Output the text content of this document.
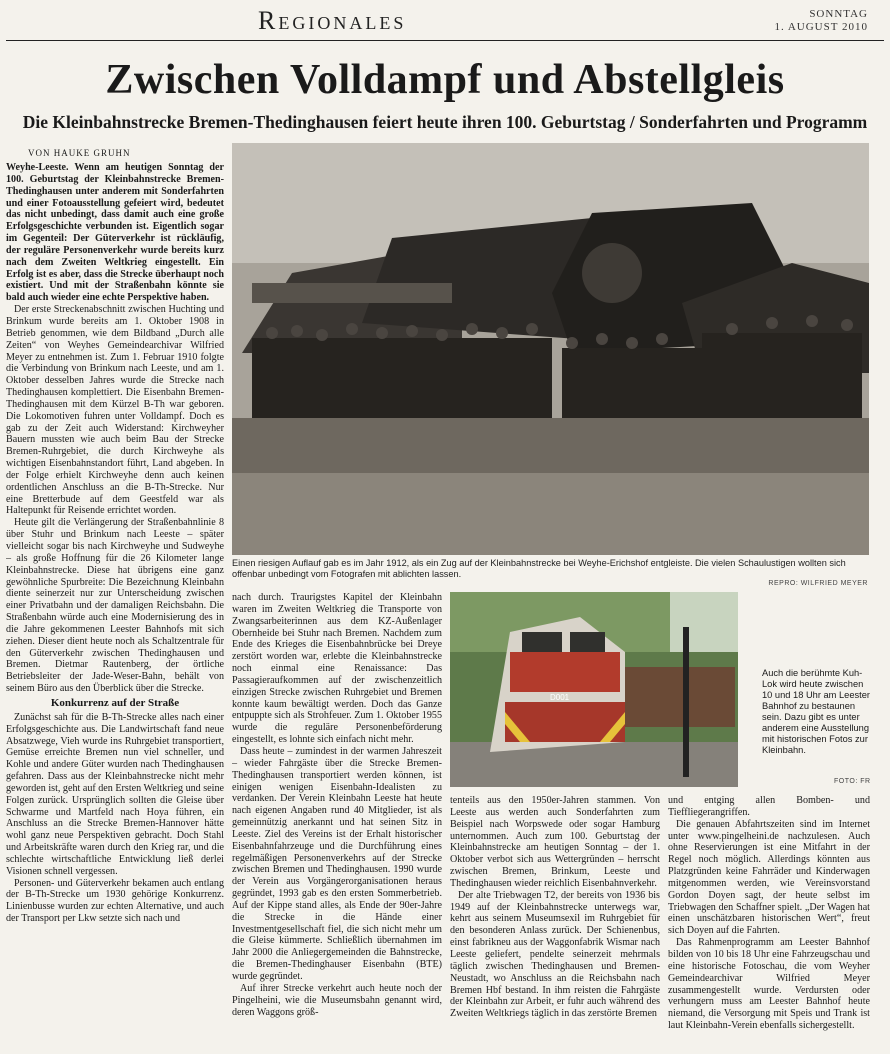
Regionales	SONNTAG
1. AUGUST 2010
Zwischen Volldampf und Abstellgleis
Die Kleinbahnstrecke Bremen-Thedinghausen feiert heute ihren 100. Geburtstag / Sonderfahrten und Programm
VON HAUKE GRUHN

Weyhe-Leeste. Wenn am heutigen Sonntag der 100. Geburtstag der Kleinbahnstrecke Bremen-Thedinghausen unter anderem mit Sonderfahrten und einer Fotoausstellung gefeiert wird, bedeutet das nicht unbedingt, dass damit auch eine große Erfolgsgeschichte verbunden ist. Eigentlich sogar im Gegenteil: Der Güterverkehr ist rückläufig, der reguläre Personenverkehr wurde bereits kurz nach dem Zweiten Weltkrieg eingestellt. Ein Erfolg ist es aber, dass die Strecke überhaupt noch existiert. Und mit der Straßenbahn könnte sie bald auch wieder eine echte Perspektive haben.

Der erste Streckenabschnitt zwischen Huchting und Brinkum wurde bereits am 1. Oktober 1908 in Betrieb genommen, wie dem Bildband „Durch alle Zeiten“ von Weyhes Gemeindearchivar Wilfried Meyer zu entnehmen ist. Zum 1. Februar 1910 folgte die Verbindung von Brinkum nach Leeste, und am 1. Oktober desselben Jahres wurde die Strecke nach Thedinghausen komplettiert. Die Eisenbahn Bremen-Thedinghausen mit dem Kürzel B-Th war geboren. Die Lokomotiven fuhren unter Volldampf. Doch es gab zu der Zeit auch Widerstand: Kirchweyher Bauern mussten wie auch beim Bau der Strecke Bremen-Ruhrgebiet, die durch Kirchweyhe als wichtigen Eisenbahnstandort führt, Land abgeben. In der Folge erhielt Kirchweyhe denn auch keinen ordentlichen Anschluss an die B-Th-Strecke. Nur eine Bretterbude auf dem Geestfeld war als Haltepunkt für Reisende errichtet worden.

Heute gilt die Verlängerung der Straßenbahnlinie 8 über Stuhr und Brinkum nach Leeste – später vielleicht sogar bis nach Kirchweyhe und Sudweyhe – als große Hoffnung für die 26 Kilometer lange Kleinbahnstrecke. Diese hat übrigens eine ganz gewöhnliche Spurbreite: Die Bezeichnung Kleinbahn diente seinerzeit nur zur Unterscheidung zwischen einer Privatbahn und der damaligen Reichsbahn. Die Straßenbahn würde auch eine Modernisierung des in die Jahre gekommenen Leester Bahnhofs mit sich ziehen. Dieser dient heute noch als Schaltzentrale für den Güterverkehr zwischen Thedinghausen und Bremen. Dietmar Rautenberg, der örtliche Betriebsleiter der Jade-Weser-Bahn, behält von seinem Büro aus den Überblick über die Strecke.

Konkurrenz auf der Straße

Zunächst sah für die B-Th-Strecke alles nach einer Erfolgsgeschichte aus. Die Landwirtschaft fand neue Absatzwege, Vieh wurde ins Ruhrgebiet transportiert, Gemüse erreichte Bremen nun viel schneller, und Kohle und andere Güter wurden nach Thedinghausen gefahren. Dass aus der Kleinbahnstrecke nicht mehr geworden ist, geht auf den Ersten Weltkrieg und seine Folgen zurück. Ursprünglich sollten die Gleise über Schwarme und Martfeld nach Hoya führen, ein Anschluss an die Strecke Bremen-Hannover hätte wohl ganz neue Perspektiven gebracht. Doch Stahl und Arbeitskräfte waren durch den Krieg rar, und die schlechte wirtschaftliche Entwicklung ließ derlei Visionen schnell vergessen.

Personen- und Güterverkehr bekamen auch entlang der B-Th-Strecke um 1930 gehörige Konkurrenz. Linienbusse wurden zur echten Alternative, und auch der Transport per Lkw setzte sich nach und

Einen riesigen Auflauf gab es im Jahr 1912, als ein Zug auf der Kleinbahnstrecke bei Weyhe-Erichshof entgleiste. Die vielen Schaulustigen wollten sich offenbar unbedingt vom Fotografen mit ablichten lassen.
REPRO: WILFRIED MEYER

nach durch. Traurigstes Kapitel der Kleinbahn waren im Zweiten Weltkrieg die Transporte von Zwangsarbeiterinnen aus dem KZ-Außenlager Obernheide bei Stuhr nach Bremen. Nachdem zum Ende des Krieges die Eisenbahnbrücke bei Dreye zerstört worden war, erlebte die Kleinbahnstrecke noch einmal eine Renaissance: Das Passagieraufkommen auf der zwischenzeitlich einzigen Strecke zwischen Ruhrgebiet und Bremen konnte kaum bewältigt werden. Doch das Ganze entpuppte sich als Strohfeuer. Zum 1. Oktober 1955 wurde die reguläre Personenbeförderung eingestellt, es lohnte sich einfach nicht mehr.

Dass heute – zumindest in der warmen Jahreszeit – wieder Fahrgäste über die Strecke Bremen-Thedinghausen transportiert werden können, ist einigen wenigen Eisenbahn-Idealisten zu verdanken. Der Verein Kleinbahn Leeste hat heute nach eigenen Angaben rund 40 Mitglieder, ist als gemeinnützig anerkannt und hat seinen Sitz in Leeste. Ziel des Vereins ist der Erhalt historischer Eisenbahnfahrzeuge und die Durchführung eines regelmäßigen Personenverkehrs auf der Strecke zwischen Bremen und Thedinghausen. 1990 wurde der Verein aus Vorgängerorganisationen heraus gegründet, 1993 gab es den ersten Sommerbetrieb. Auf der Kippe stand alles, als Ende der 90er-Jahre die Strecke in die Hände einer Investmentgesellschaft fiel, die sich nicht mehr um die Gleise kümmerte. Schließlich übernahmen im Jahr 2000 die Anliegergemeinden die Bahnstrecke, die Bremen-Thedinghauser Eisenbahn (BTE) wurde gegründet.

Auf ihrer Strecke verkehrt auch heute noch der Pingelheini, wie die Museumsbahn genannt wird, deren Waggons größ-

D001
Auch die berühmte Kuh-Lok wird heute zwischen 10 und 18 Uhr am Leester Bahnhof zu bestaunen sein. Dazu gibt es unter anderem eine Ausstellung mit historischen Fotos zur Kleinbahn.
FOTO: FR

tenteils aus den 1950er-Jahren stammen. Von Leeste aus werden auch Sonderfahrten zum Beispiel nach Worpswede oder sogar Hamburg unternommen. Auch zum 100. Geburtstag der Kleinbahnstrecke am heutigen Sonntag – der 1. Oktober verbot sich aus Wettergründen – herrscht zwischen Bremen, Brinkum, Leeste und Thedinghausen wieder reichlich Eisenbahnverkehr.

Der alte Triebwagen T2, der bereits von 1936 bis 1949 auf der Kleinbahnstrecke unterwegs war, kehrt aus seinem Museumsexil im Ruhrgebiet für den besonderen Anlass zurück. Der Schienenbus, einst fabrikneu aus der Waggonfabrik Wismar nach Leeste geliefert, pendelte seinerzeit mehrmals täglich zwischen Thedinghausen und Bremen-Neustadt, wo Anschluss an die Reichsbahn nach Bremen Hbf bestand. In ihm reisten die Fahrgäste der Kleinbahn zur Arbeit, er fuhr auch während des Zweiten Weltkriegs täglich in das zerstörte Bremen

und entging allen Bomben- und Tieffliegerangriffen.

Die genauen Abfahrtszeiten sind im Internet unter www.pingelheini.de nachzulesen. Auch ohne Reservierungen ist eine Mitfahrt in der Regel noch möglich. Allerdings könnten aus Platzgründen keine Fahrräder und Kinderwagen mitgenommen werden, wie Vereinsvorstand Gordon Doyen sagt, der heute selbst im Triebwagen den Schaffner spielt. „Der Wagen hat einen unschätzbaren historischen Wert“, freut sich Doyen auf die Fahrten.

Das Rahmenprogramm am Leester Bahnhof bilden von 10 bis 18 Uhr eine Fahrzeugschau und eine historische Fotoschau, die vom Weyher Gemeindearchivar Wilfried Meyer zusammengestellt wurde. Verdursten oder verhungern muss am Leester Bahnhof heute niemand, die Versorgung mit Speis und Trank ist laut Kleinbahn-Verein ebenfalls sichergestellt.
